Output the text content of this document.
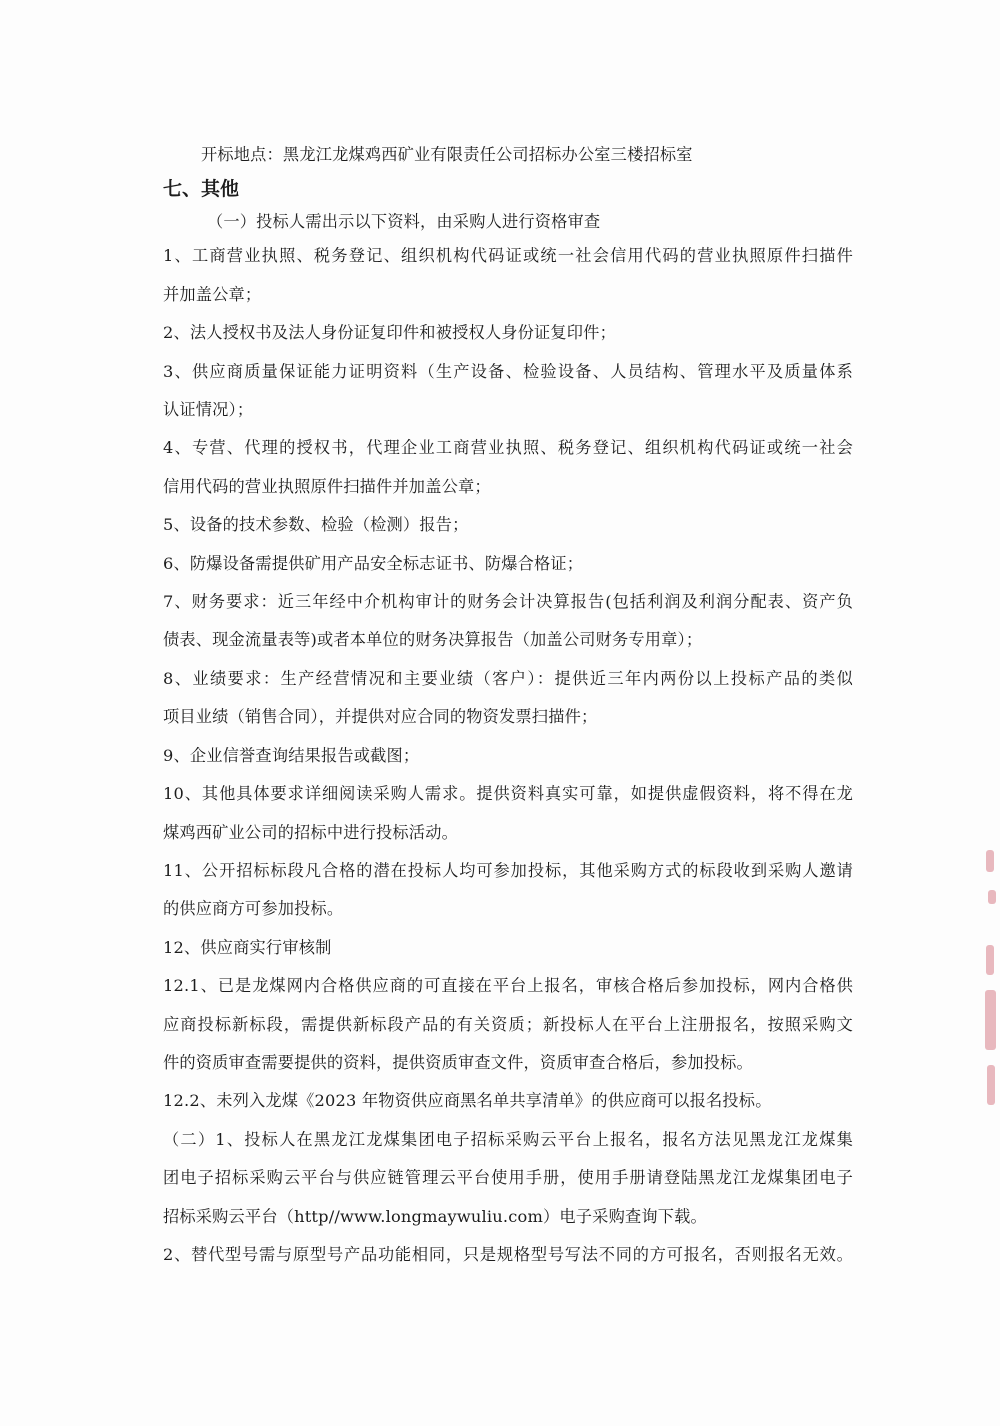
开标地点：黑龙江龙煤鸡西矿业有限责任公司招标办公室三楼招标室
七、其他
（一）投标人需出示以下资料，由采购人进行资格审查
1、工商营业执照、税务登记、组织机构代码证或统一社会信用代码的营业执照原件扫描件
并加盖公章；
2、法人授权书及法人身份证复印件和被授权人身份证复印件；
3、供应商质量保证能力证明资料（生产设备、检验设备、人员结构、管理水平及质量体系
认证情况）；
4、专营、代理的授权书，代理企业工商营业执照、税务登记、组织机构代码证或统一社会
信用代码的营业执照原件扫描件并加盖公章；
5、设备的技术参数、检验（检测）报告；
6、防爆设备需提供矿用产品安全标志证书、防爆合格证；
7、财务要求：近三年经中介机构审计的财务会计决算报告(包括利润及利润分配表、资产负
债表、现金流量表等)或者本单位的财务决算报告（加盖公司财务专用章）；
8、业绩要求：生产经营情况和主要业绩（客户）：提供近三年内两份以上投标产品的类似
项目业绩（销售合同），并提供对应合同的物资发票扫描件；
9、企业信誉查询结果报告或截图；
10、其他具体要求详细阅读采购人需求。提供资料真实可靠，如提供虚假资料，将不得在龙
煤鸡西矿业公司的招标中进行投标活动。
11、公开招标标段凡合格的潜在投标人均可参加投标，其他采购方式的标段收到采购人邀请
的供应商方可参加投标。
12、供应商实行审核制
12.1、已是龙煤网内合格供应商的可直接在平台上报名，审核合格后参加投标，网内合格供
应商投标新标段，需提供新标段产品的有关资质；新投标人在平台上注册报名，按照采购文
件的资质审查需要提供的资料，提供资质审查文件，资质审查合格后，参加投标。
12.2、未列入龙煤《2023 年物资供应商黑名单共享清单》的供应商可以报名投标。
（二）1、投标人在黑龙江龙煤集团电子招标采购云平台上报名，报名方法见黑龙江龙煤集
团电子招标采购云平台与供应链管理云平台使用手册，使用手册请登陆黑龙江龙煤集团电子
招标采购云平台（http//www.longmaywuliu.com）电子采购查询下载。
2、替代型号需与原型号产品功能相同，只是规格型号写法不同的方可报名，否则报名无效。
